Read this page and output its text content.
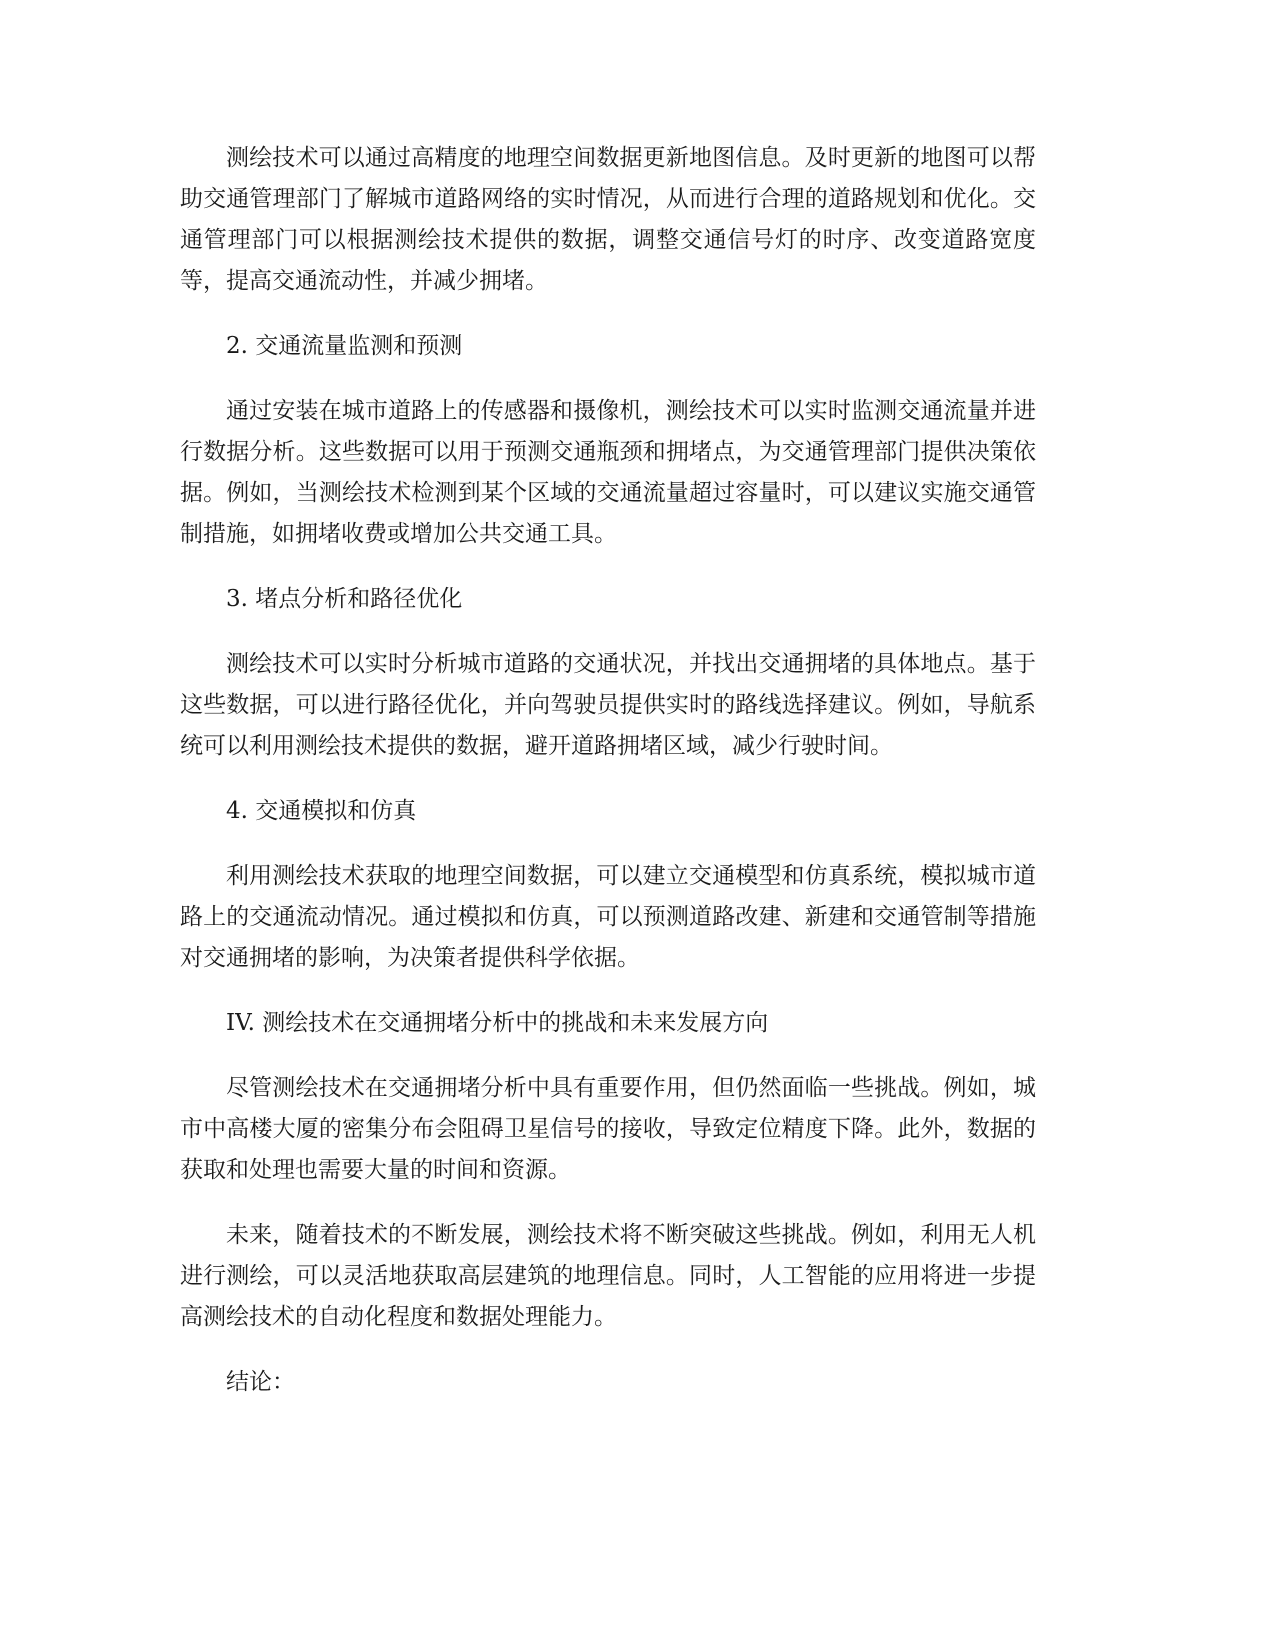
测绘技术可以通过高精度的地理空间数据更新地图信息。及时更新的地图可以帮助交通管理部门了解城市道路网络的实时情况，从而进行合理的道路规划和优化。交通管理部门可以根据测绘技术提供的数据，调整交通信号灯的时序、改变道路宽度等，提高交通流动性，并减少拥堵。

2. 交通流量监测和预测

通过安装在城市道路上的传感器和摄像机，测绘技术可以实时监测交通流量并进行数据分析。这些数据可以用于预测交通瓶颈和拥堵点，为交通管理部门提供决策依据。例如，当测绘技术检测到某个区域的交通流量超过容量时，可以建议实施交通管制措施，如拥堵收费或增加公共交通工具。

3. 堵点分析和路径优化

测绘技术可以实时分析城市道路的交通状况，并找出交通拥堵的具体地点。基于这些数据，可以进行路径优化，并向驾驶员提供实时的路线选择建议。例如，导航系统可以利用测绘技术提供的数据，避开道路拥堵区域，减少行驶时间。

4. 交通模拟和仿真

利用测绘技术获取的地理空间数据，可以建立交通模型和仿真系统，模拟城市道路上的交通流动情况。通过模拟和仿真，可以预测道路改建、新建和交通管制等措施对交通拥堵的影响，为决策者提供科学依据。

IV. 测绘技术在交通拥堵分析中的挑战和未来发展方向

尽管测绘技术在交通拥堵分析中具有重要作用，但仍然面临一些挑战。例如，城市中高楼大厦的密集分布会阻碍卫星信号的接收，导致定位精度下降。此外，数据的获取和处理也需要大量的时间和资源。

未来，随着技术的不断发展，测绘技术将不断突破这些挑战。例如，利用无人机进行测绘，可以灵活地获取高层建筑的地理信息。同时，人工智能的应用将进一步提高测绘技术的自动化程度和数据处理能力。

结论：
